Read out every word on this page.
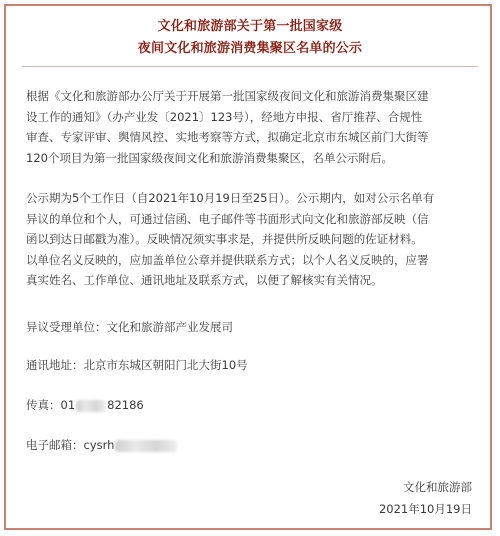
文化和旅游部关于第一批国家级
夜间文化和旅游消费集聚区名单的公示
根据《文化和旅游部办公厅关于开展第一批国家级夜间文化和旅游消费集聚区建
设工作的通知》（办产业发〔2021〕123号），经地方申报、省厅推荐、合规性
审查、专家评审、舆情风控、实地考察等方式，拟确定北京市东城区前门大街等
120个项目为第一批国家级夜间文化和旅游消费集聚区，名单公示附后。
公示期为5个工作日（自2021年10月19日至25日）。公示期内，如对公示名单有
异议的单位和个人，可通过信函、电子邮件等书面形式向文化和旅游部反映（信
函以到达日邮戳为准）。反映情况须实事求是，并提供所反映问题的佐证材料。
以单位名义反映的，应加盖单位公章并提供联系方式；以个人名义反映的，应署
真实姓名、工作单位、通讯地址及联系方式，以便了解核实有关情况。
异议受理单位：文化和旅游部产业发展司
通讯地址：北京市东城区朝阳门北大街10号
传真：01	82186
电子邮箱：cysrh
文化和旅游部
2021年10月19日
